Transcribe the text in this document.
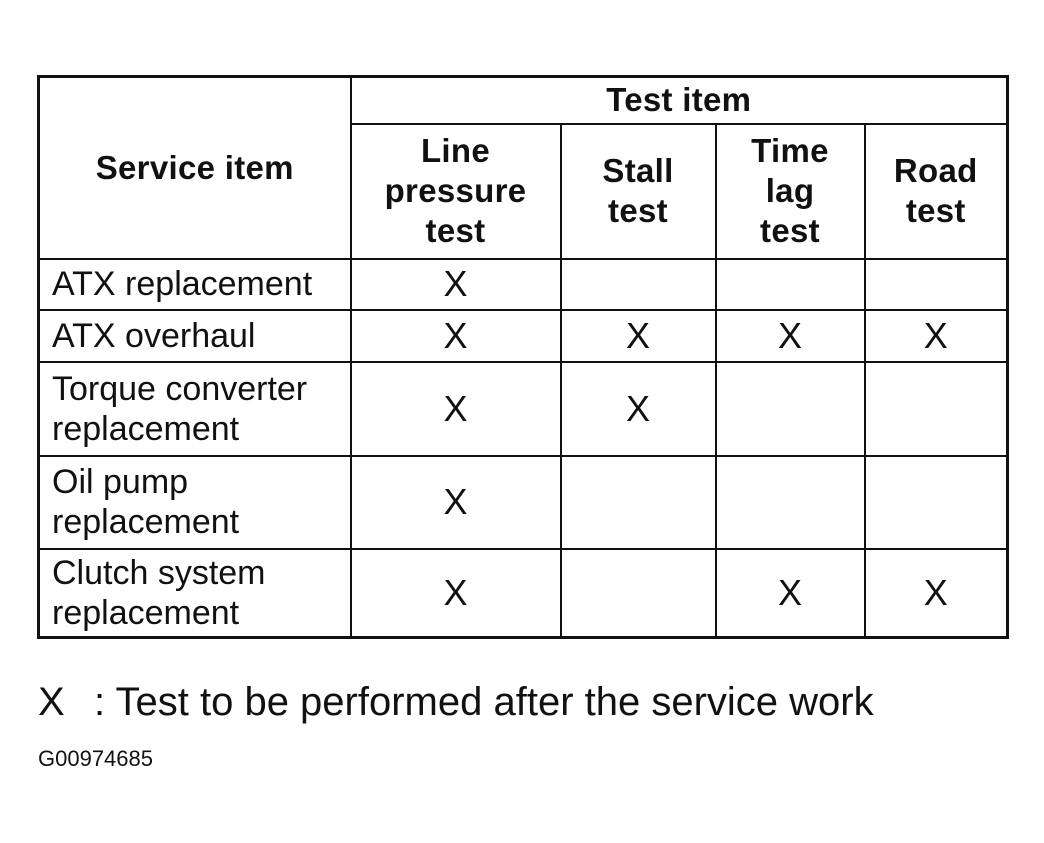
Service item	Test item			
	Line
pressure
test	Stall
test	Time
lag
test	Road
test
ATX replacement	X			
ATX overhaul	X	X	X	X
Torque converter
replacement	X	X		
Oil pump
replacement	X			
Clutch system
replacement	X		X	X
X : Test to be performed after the service work
G00974685
